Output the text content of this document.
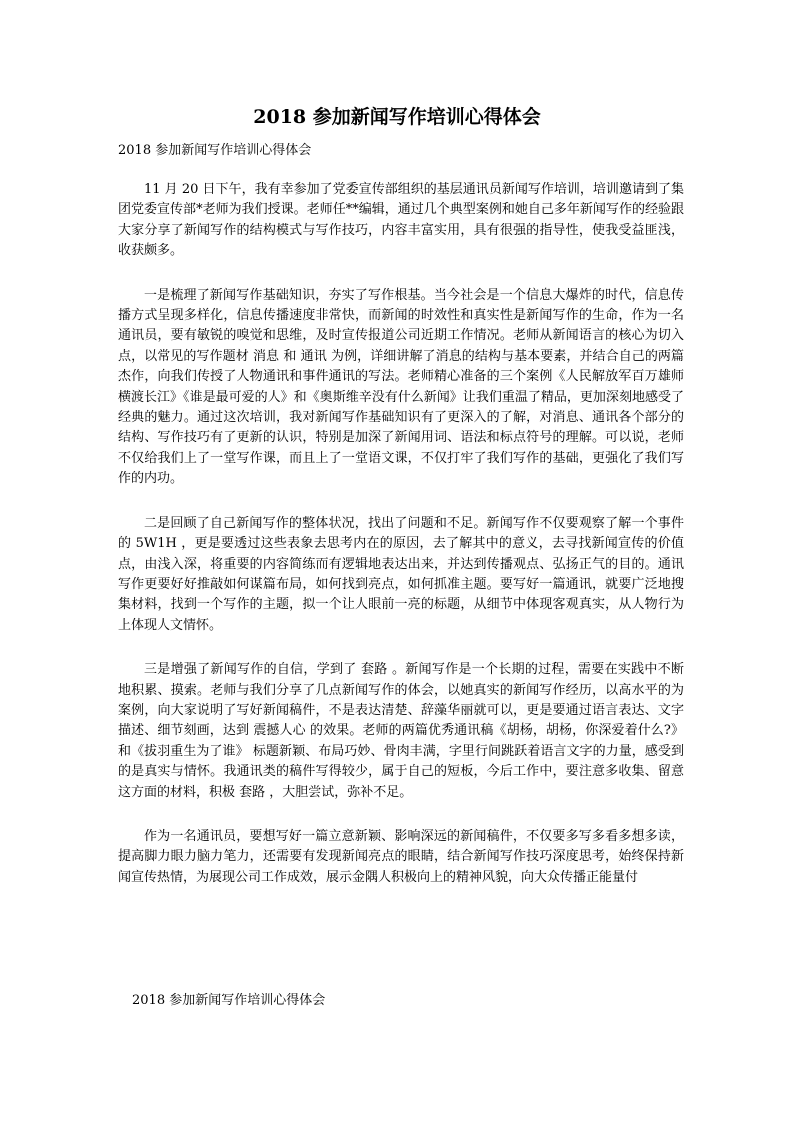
2018 参加新闻写作培训心得体会

2018 参加新闻写作培训心得体会

11 月 20 日下午，我有幸参加了党委宣传部组织的基层通讯员新闻写作培训，培训邀请到了集团党委宣传部*老师为我们授课。老师任**编辑，通过几个典型案例和她自己多年新闻写作的经验跟大家分享了新闻写作的结构模式与写作技巧，内容丰富实用，具有很强的指导性，使我受益匪浅，收获颇多。

一是梳理了新闻写作基础知识，夯实了写作根基。当今社会是一个信息大爆炸的时代，信息传播方式呈现多样化，信息传播速度非常快，而新闻的时效性和真实性是新闻写作的生命，作为一名通讯员，要有敏锐的嗅觉和思维，及时宣传报道公司近期工作情况。老师从新闻语言的核心为切入点，以常见的写作题材 消息 和 通讯 为例，详细讲解了消息的结构与基本要素，并结合自己的两篇杰作，向我们传授了人物通讯和事件通讯的写法。老师精心准备的三个案例《人民解放军百万雄师横渡长江》《谁是最可爱的人》和《奥斯维辛没有什么新闻》让我们重温了精品，更加深刻地感受了经典的魅力。通过这次培训，我对新闻写作基础知识有了更深入的了解，对消息、通讯各个部分的结构、写作技巧有了更新的认识，特别是加深了新闻用词、语法和标点符号的理解。可以说，老师不仅给我们上了一堂写作课，而且上了一堂语文课，不仅打牢了我们写作的基础，更强化了我们写作的内功。

二是回顾了自己新闻写作的整体状况，找出了问题和不足。新闻写作不仅要观察了解一个事件的 5W1H ，更是要透过这些表象去思考内在的原因，去了解其中的意义，去寻找新闻宣传的价值点，由浅入深，将重要的内容简练而有逻辑地表达出来，并达到传播观点、弘扬正气的目的。通讯写作更要好好推敲如何谋篇布局，如何找到亮点，如何抓准主题。要写好一篇通讯，就要广泛地搜集材料，找到一个写作的主题，拟一个让人眼前一亮的标题，从细节中体现客观真实，从人物行为上体现人文情怀。

三是增强了新闻写作的自信，学到了 套路 。新闻写作是一个长期的过程，需要在实践中不断地积累、摸索。老师与我们分享了几点新闻写作的体会，以她真实的新闻写作经历，以高水平的为案例，向大家说明了写好新闻稿件，不是表达清楚、辞藻华丽就可以，更是要通过语言表达、文字描述、细节刻画，达到 震撼人心 的效果。老师的两篇优秀通讯稿《胡杨，胡杨，你深爱着什么?》和《拔羽重生为了谁》 标题新颖、布局巧妙、骨肉丰满，字里行间跳跃着语言文字的力量，感受到的是真实与情怀。我通讯类的稿件写得较少，属于自己的短板，今后工作中，要注意多收集、留意这方面的材料，积极 套路 ，大胆尝试，弥补不足。

作为一名通讯员，要想写好一篇立意新颖、影响深远的新闻稿件，不仅要多写多看多想多读，提高脚力眼力脑力笔力，还需要有发现新闻亮点的眼睛，结合新闻写作技巧深度思考，始终保持新闻宣传热情，为展现公司工作成效，展示金隅人积极向上的精神风貌，向大众传播正能量付

2018 参加新闻写作培训心得体会
